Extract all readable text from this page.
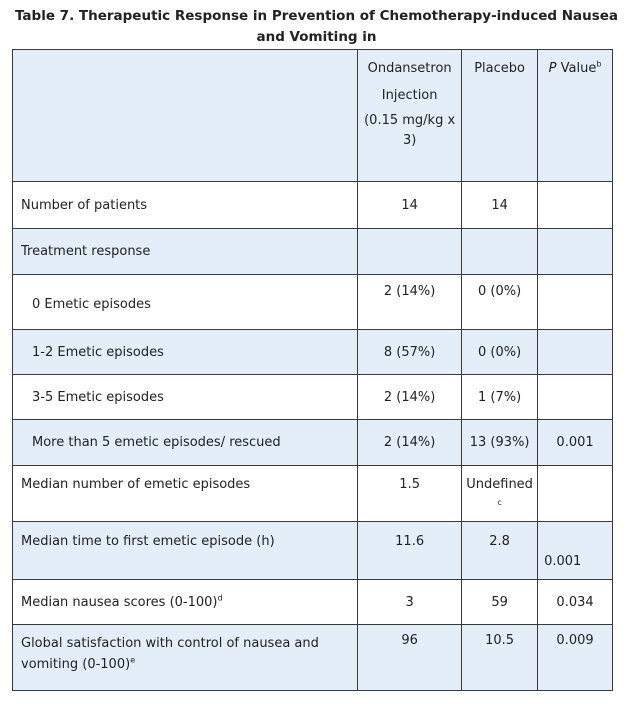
Table 7. Therapeutic Response in Prevention of Chemotherapy-induced Nausea and Vomiting in

	Ondansetron
Injection
(0.15 mg/kg x
3)	Placebo	P Value$^b$
Number of patients	14	14	
Treatment response			
0 Emetic episodes	2 (14%)	0 (0%)	
1-2 Emetic episodes	8 (57%)	0 (0%)	
3-5 Emetic episodes	2 (14%)	1 (7%)	
More than 5 emetic episodes/ rescued	2 (14%)	13 (93%)	0.001
Median number of emetic episodes	1.5	Undefined
c	

Median time to first emetic episode (h)	11.6	2.8	0.001
Median nausea scores $(0-100)^d$	3	59	0.034

Global satisfaction with control of nausea and
vomiting $(0-100)^e$	96	10.5	0.009
